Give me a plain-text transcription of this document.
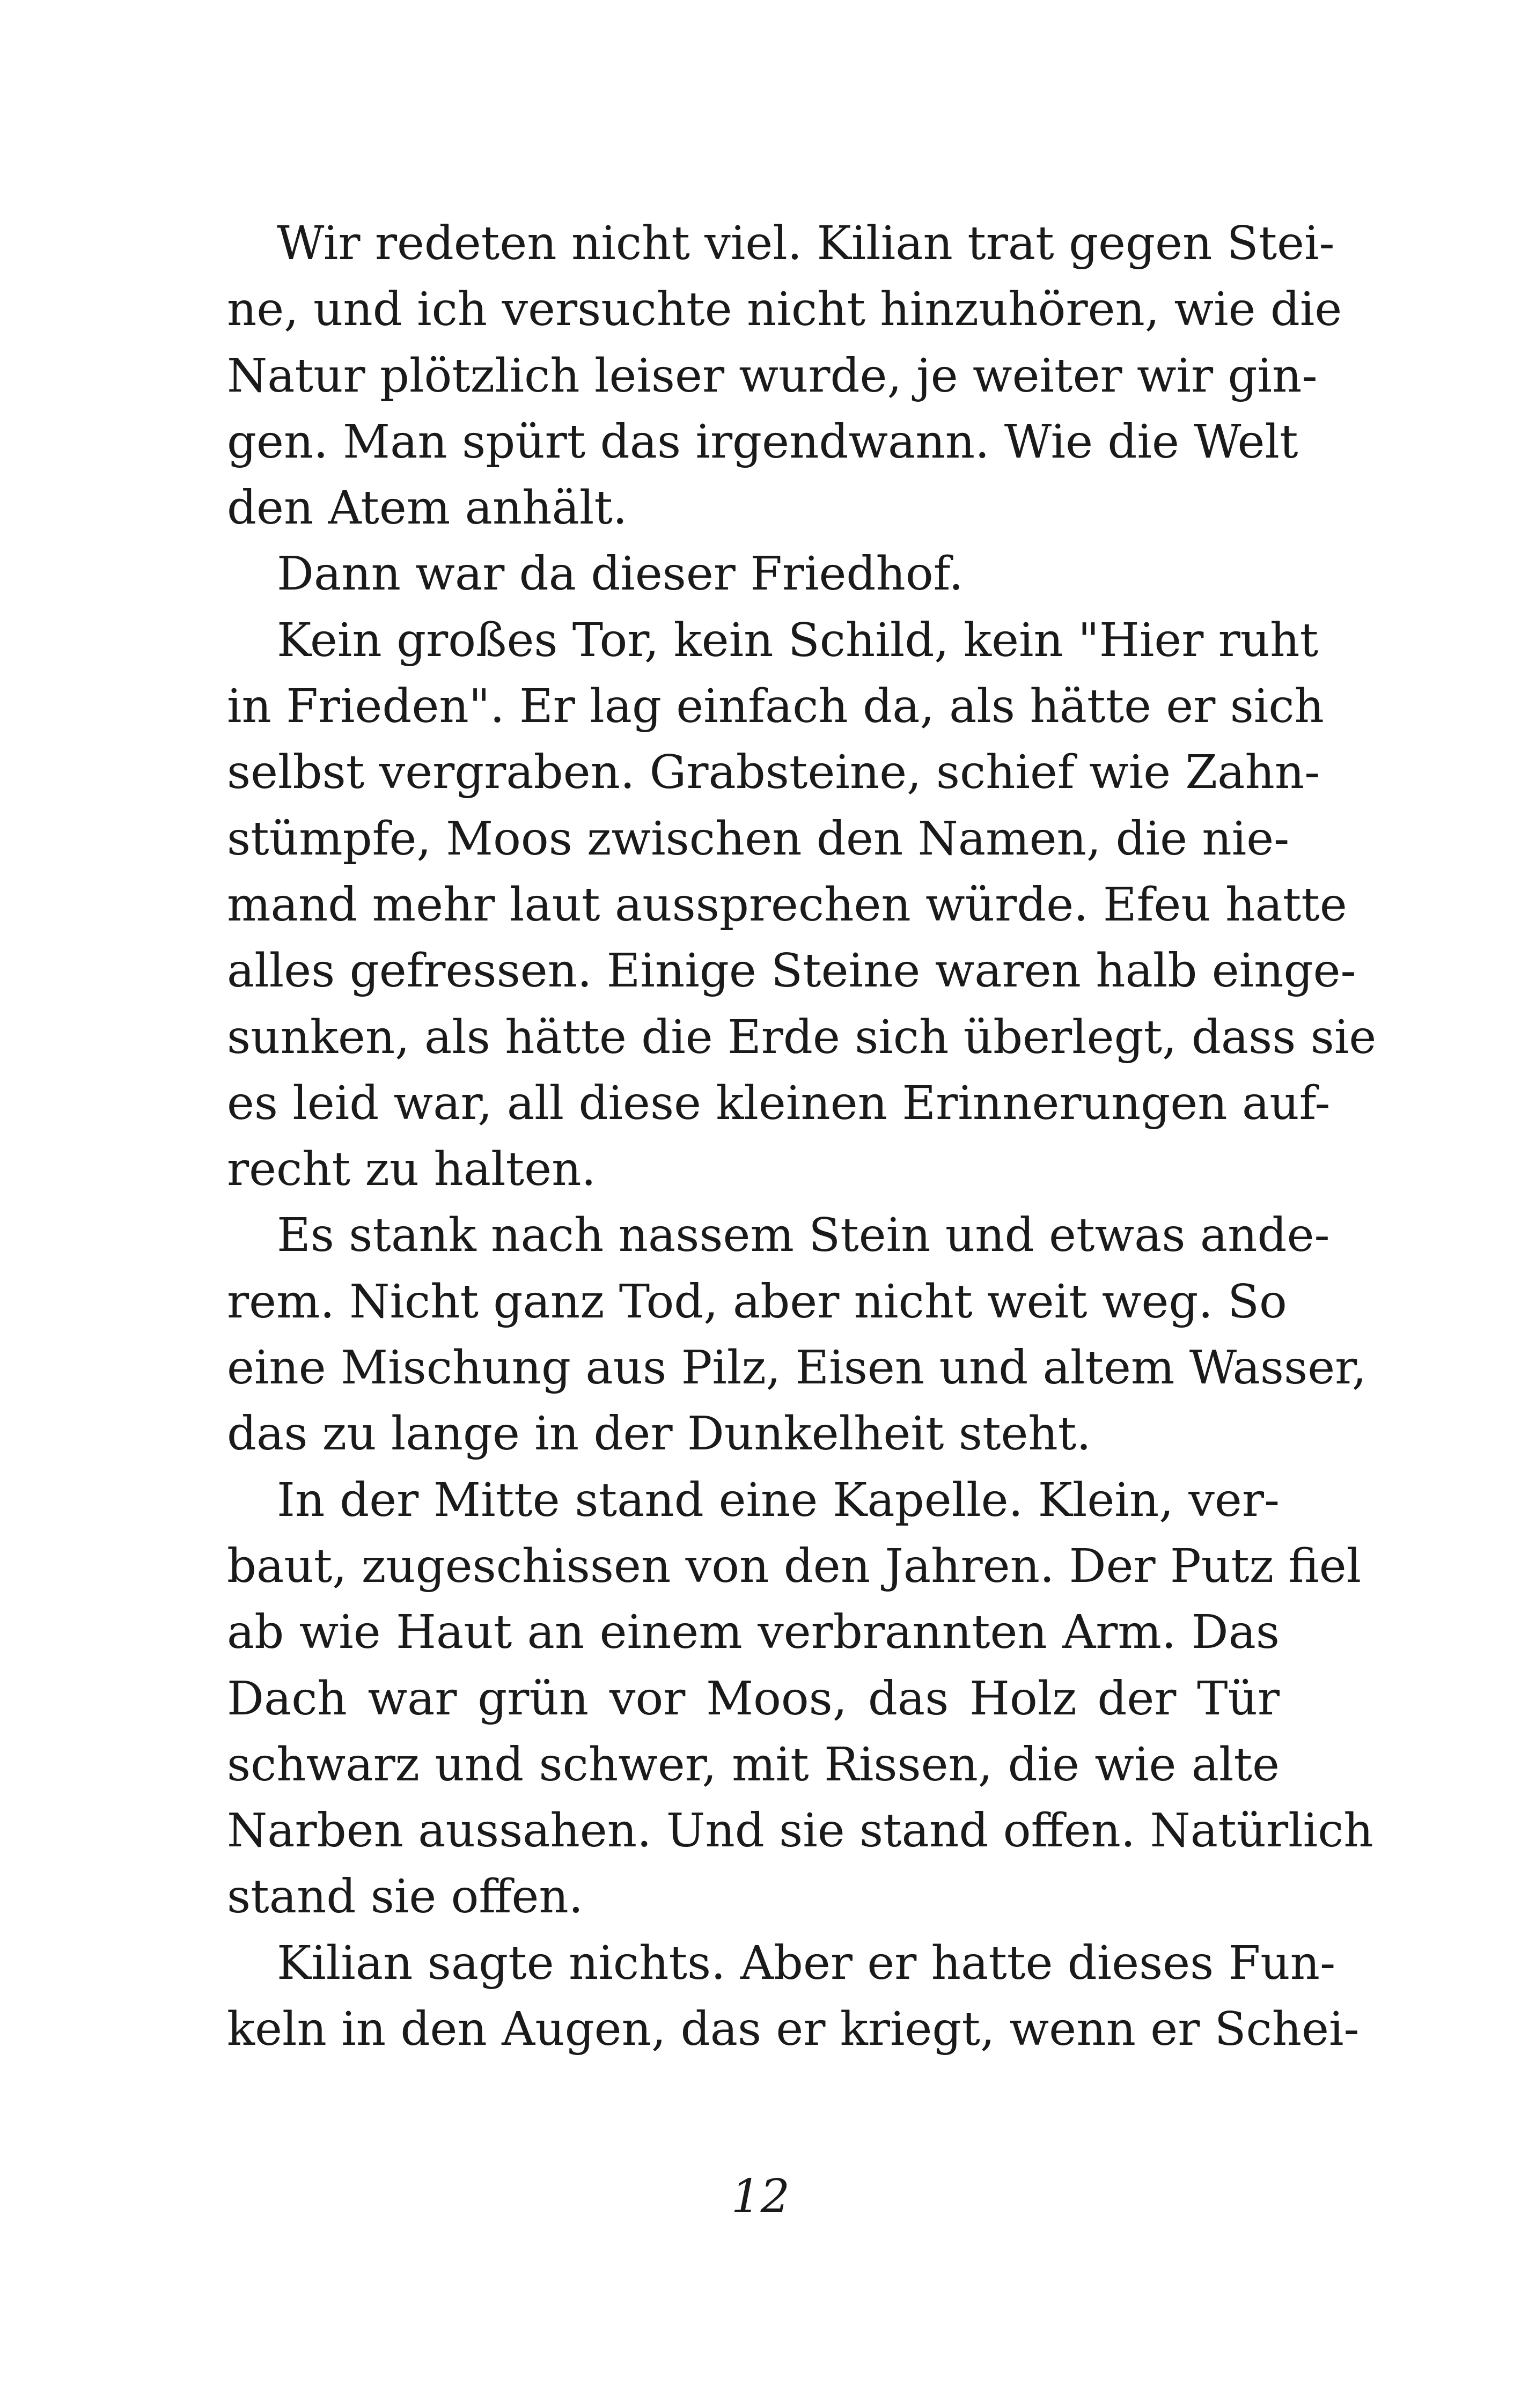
Wir redeten nicht viel. Kilian trat gegen Stei-
ne, und ich versuchte nicht hinzuhören, wie die
Natur plötzlich leiser wurde, je weiter wir gin-
gen. Man spürt das irgendwann. Wie die Welt
den Atem anhält.
Dann war da dieser Friedhof.
Kein großes Tor, kein Schild, kein "Hier ruht
in Frieden". Er lag einfach da, als hätte er sich
selbst vergraben. Grabsteine, schief wie Zahn-
stümpfe, Moos zwischen den Namen, die nie-
mand mehr laut aussprechen würde. Efeu hatte
alles gefressen. Einige Steine waren halb einge-
sunken, als hätte die Erde sich überlegt, dass sie
es leid war, all diese kleinen Erinnerungen auf-
recht zu halten.
Es stank nach nassem Stein und etwas ande-
rem. Nicht ganz Tod, aber nicht weit weg. So
eine Mischung aus Pilz, Eisen und altem Wasser,
das zu lange in der Dunkelheit steht.
In der Mitte stand eine Kapelle. Klein, ver-
baut, zugeschissen von den Jahren. Der Putz fiel
ab wie Haut an einem verbrannten Arm. Das
Dach war grün vor Moos, das Holz der Tür
schwarz und schwer, mit Rissen, die wie alte
Narben aussahen. Und sie stand offen. Natürlich
stand sie offen.
Kilian sagte nichts. Aber er hatte dieses Fun-
keln in den Augen, das er kriegt, wenn er Schei-
12
